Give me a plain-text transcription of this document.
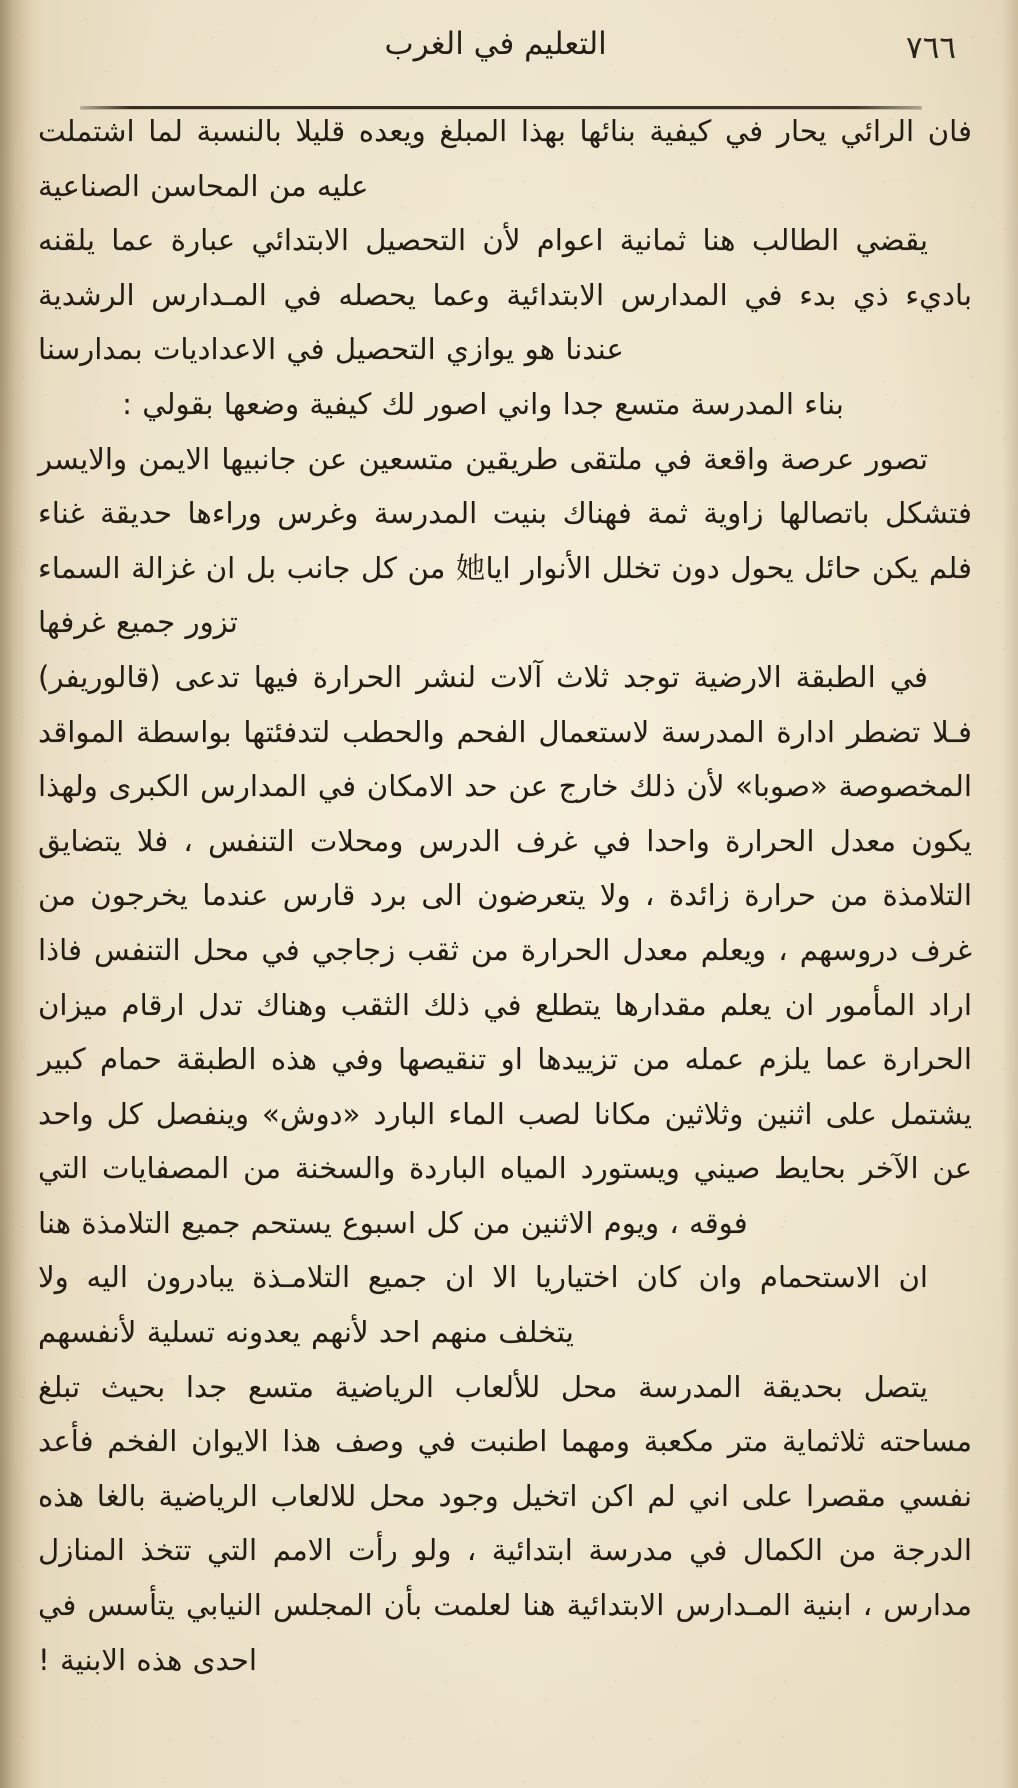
٧٦٦
التعليم في الغرب

فان الرائي يحار في كيفية بنائها بهذا المبلغ ويعده قليلا بالنسبة لما اشتملت عليه من المحاسن الصناعية

يقضي الطالب هنا ثمانية اعوام لأن التحصيل الابتدائي عبارة عما يلقنه باديء ذي بدء في المدارس الابتدائية وعما يحصله في المـدارس الرشدية عندنا هو يوازي التحصيل في الاعداديات بمدارسنا

بناء المدرسة متسع جدا واني اصور لك كيفية وضعها بقولي :

تصور عرصة واقعة في ملتقى طريقين متسعين عن جانبيها الايمن والايسر فتشكل باتصالها زاوية ثمة فهناك بنيت المدرسة وغرس وراءها حديقة غناء فلم يكن حائل يحول دون تخلل الأنوار ايا她 من كل جانب بل ان غزالة السماء تزور جميع غرفها

في الطبقة الارضية توجد ثلاث آلات لنشر الحرارة فيها تدعى (قالوريفر) فـلا تضطر ادارة المدرسة لاستعمال الفحم والحطب لتدفئتها بواسطة المواقد المخصوصة «صوبا» لأن ذلك خارج عن حد الامكان في المدارس الكبرى ولهذا يكون معدل الحرارة واحدا في غرف الدرس ومحلات التنفس ، فلا يتضايق التلامذة من حرارة زائدة ، ولا يتعرضون الى برد قارس عندما يخرجون من غرف دروسهم ، ويعلم معدل الحرارة من ثقب زجاجي في محل التنفس فاذا اراد المأمور ان يعلم مقدارها يتطلع في ذلك الثقب وهناك تدل ارقام ميزان الحرارة عما يلزم عمله من تزييدها او تنقيصها وفي هذه الطبقة حمام كبير يشتمل على اثنين وثلاثين مكانا لصب الماء البارد «دوش» وينفصل كل واحد عن الآخر بحايط صيني ويستورد المياه الباردة والسخنة من المصفايات التي فوقه ، ويوم الاثنين من كل اسبوع يستحم جميع التلامذة هنا

ان الاستحمام وان كان اختياريا الا ان جميع التلامـذة يبادرون اليه ولا يتخلف منهم احد لأنهم يعدونه تسلية لأنفسهم

يتصل بحديقة المدرسة محل للألعاب الرياضية متسع جدا بحيث تبلغ مساحته ثلاثماية متر مكعبة ومهما اطنبت في وصف هذا الايوان الفخم فأعد نفسي مقصرا على اني لم اكن اتخيل وجود محل للالعاب الرياضية بالغا هذه الدرجة من الكمال في مدرسة ابتدائية ، ولو رأت الامم التي تتخذ المنازل مدارس ، ابنية المـدارس الابتدائية هنا لعلمت بأن المجلس النيابي يتأسس في احدى هذه الابنية !
